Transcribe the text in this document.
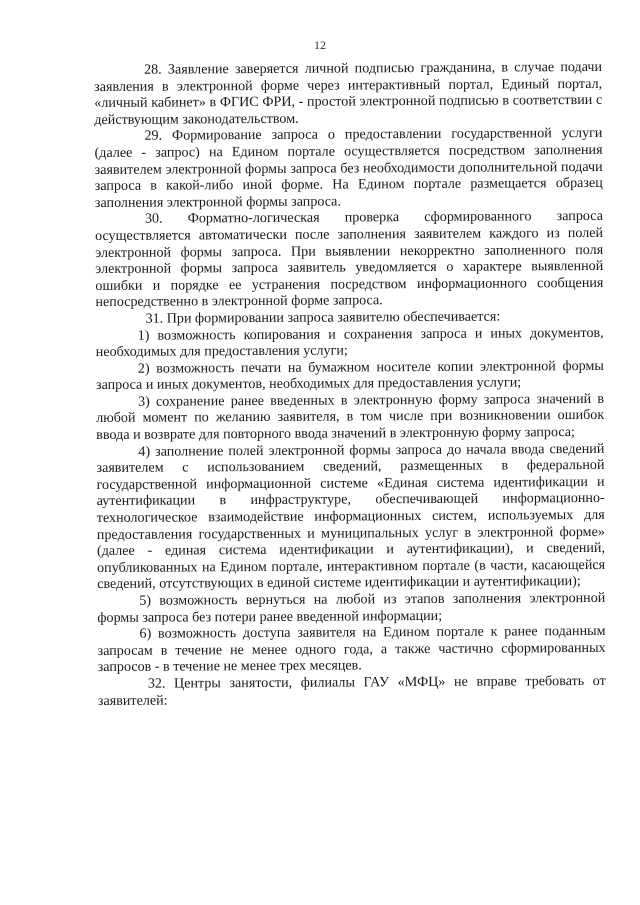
12

28. Заявление заверяется личной подписью гражданина, в случае подачи заявления в электронной форме через интерактивный портал, Единый портал, «личный кабинет» в ФГИС ФРИ, - простой электронной подписью в соответствии с действующим законодательством.

29. Формирование запроса о предоставлении государственной услуги (далее - запрос) на Едином портале осуществляется посредством заполнения заявителем электронной формы запроса без необходимости дополнительной подачи запроса в какой-либо иной форме. На Едином портале размещается образец заполнения электронной формы запроса.

30. Форматно-логическая проверка сформированного запроса осуществляется автоматически после заполнения заявителем каждого из полей электронной формы запроса. При выявлении некорректно заполненного поля электронной формы запроса заявитель уведомляется о характере выявленной ошибки и порядке ее устранения посредством информационного сообщения непосредственно в электронной форме запроса.

31. При формировании запроса заявителю обеспечивается:

1) возможность копирования и сохранения запроса и иных документов, необходимых для предоставления услуги;

2) возможность печати на бумажном носителе копии электронной формы запроса и иных документов, необходимых для предоставления услуги;

3) сохранение ранее введенных в электронную форму запроса значений в любой момент по желанию заявителя, в том числе при возникновении ошибок ввода и возврате для повторного ввода значений в электронную форму запроса;

4) заполнение полей электронной формы запроса до начала ввода сведений заявителем с использованием сведений, размещенных в федеральной государственной информационной системе «Единая система идентификации и аутентификации в инфраструктуре, обеспечивающей информационно-технологическое взаимодействие информационных систем, используемых для предоставления государственных и муниципальных услуг в электронной форме» (далее - единая система идентификации и аутентификации), и сведений, опубликованных на Едином портале, интерактивном портале (в части, касающейся сведений, отсутствующих в единой системе идентификации и аутентификации);

5) возможность вернуться на любой из этапов заполнения электронной формы запроса без потери ранее введенной информации;

6) возможность доступа заявителя на Едином портале к ранее поданным запросам в течение не менее одного года, а также частично сформированных запросов - в течение не менее трех месяцев.

32. Центры занятости, филиалы ГАУ «МФЦ» не вправе требовать от заявителей:
